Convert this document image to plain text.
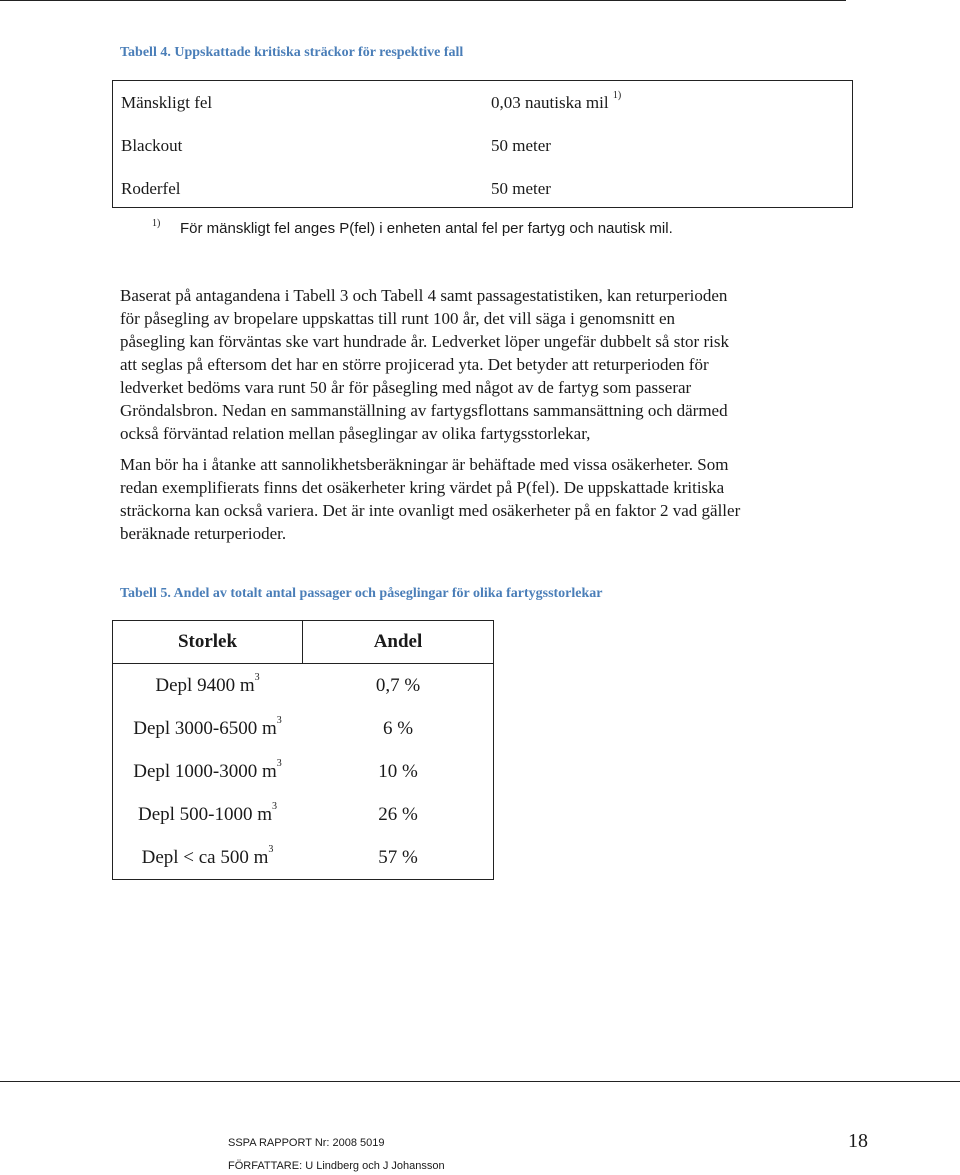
Tabell 4. Uppskattade kritiska sträckor för respektive fall
Mänskligt fel	0,03 nautiska mil $^{1)}$
Blackout	50 meter
Roderfel	50 meter
1) För mänskligt fel anges P(fel) i enheten antal fel per fartyg och nautisk mil.
Baserat på antagandena i Tabell 3 och Tabell 4 samt passagestatistiken, kan returperioden
för påsegling av bropelare uppskattas till runt 100 år, det vill säga i genomsnitt en
påsegling kan förväntas ske vart hundrade år. Ledverket löper ungefär dubbelt så stor risk
att seglas på eftersom det har en större projicerad yta. Det betyder att returperioden för
ledverket bedöms vara runt 50 år för påsegling med något av de fartyg som passerar
Gröndalsbron. Nedan en sammanställning av fartygsflottans sammansättning och därmed
också förväntad relation mellan påseglingar av olika fartygsstorlekar,
Man bör ha i åtanke att sannolikhetsberäkningar är behäftade med vissa osäkerheter. Som
redan exemplifierats finns det osäkerheter kring värdet på P(fel). De uppskattade kritiska
sträckorna kan också variera. Det är inte ovanligt med osäkerheter på en faktor 2 vad gäller
beräknade returperioder.
Tabell 5. Andel av totalt antal passager och påseglingar för olika fartygsstorlekar
Storlek	Andel
Depl 9400 $m^3$	0,7 %
Depl 3000-6500 $m^3$	6 %
Depl 1000-3000 $m^3$	10 %
Depl 500-1000 $m^3$	26 %
Depl < ca 500 $m^3$	57 %
SSPA RAPPORT Nr: 2008 5019
FÖRFATTARE: U Lindberg och J Johansson
18
